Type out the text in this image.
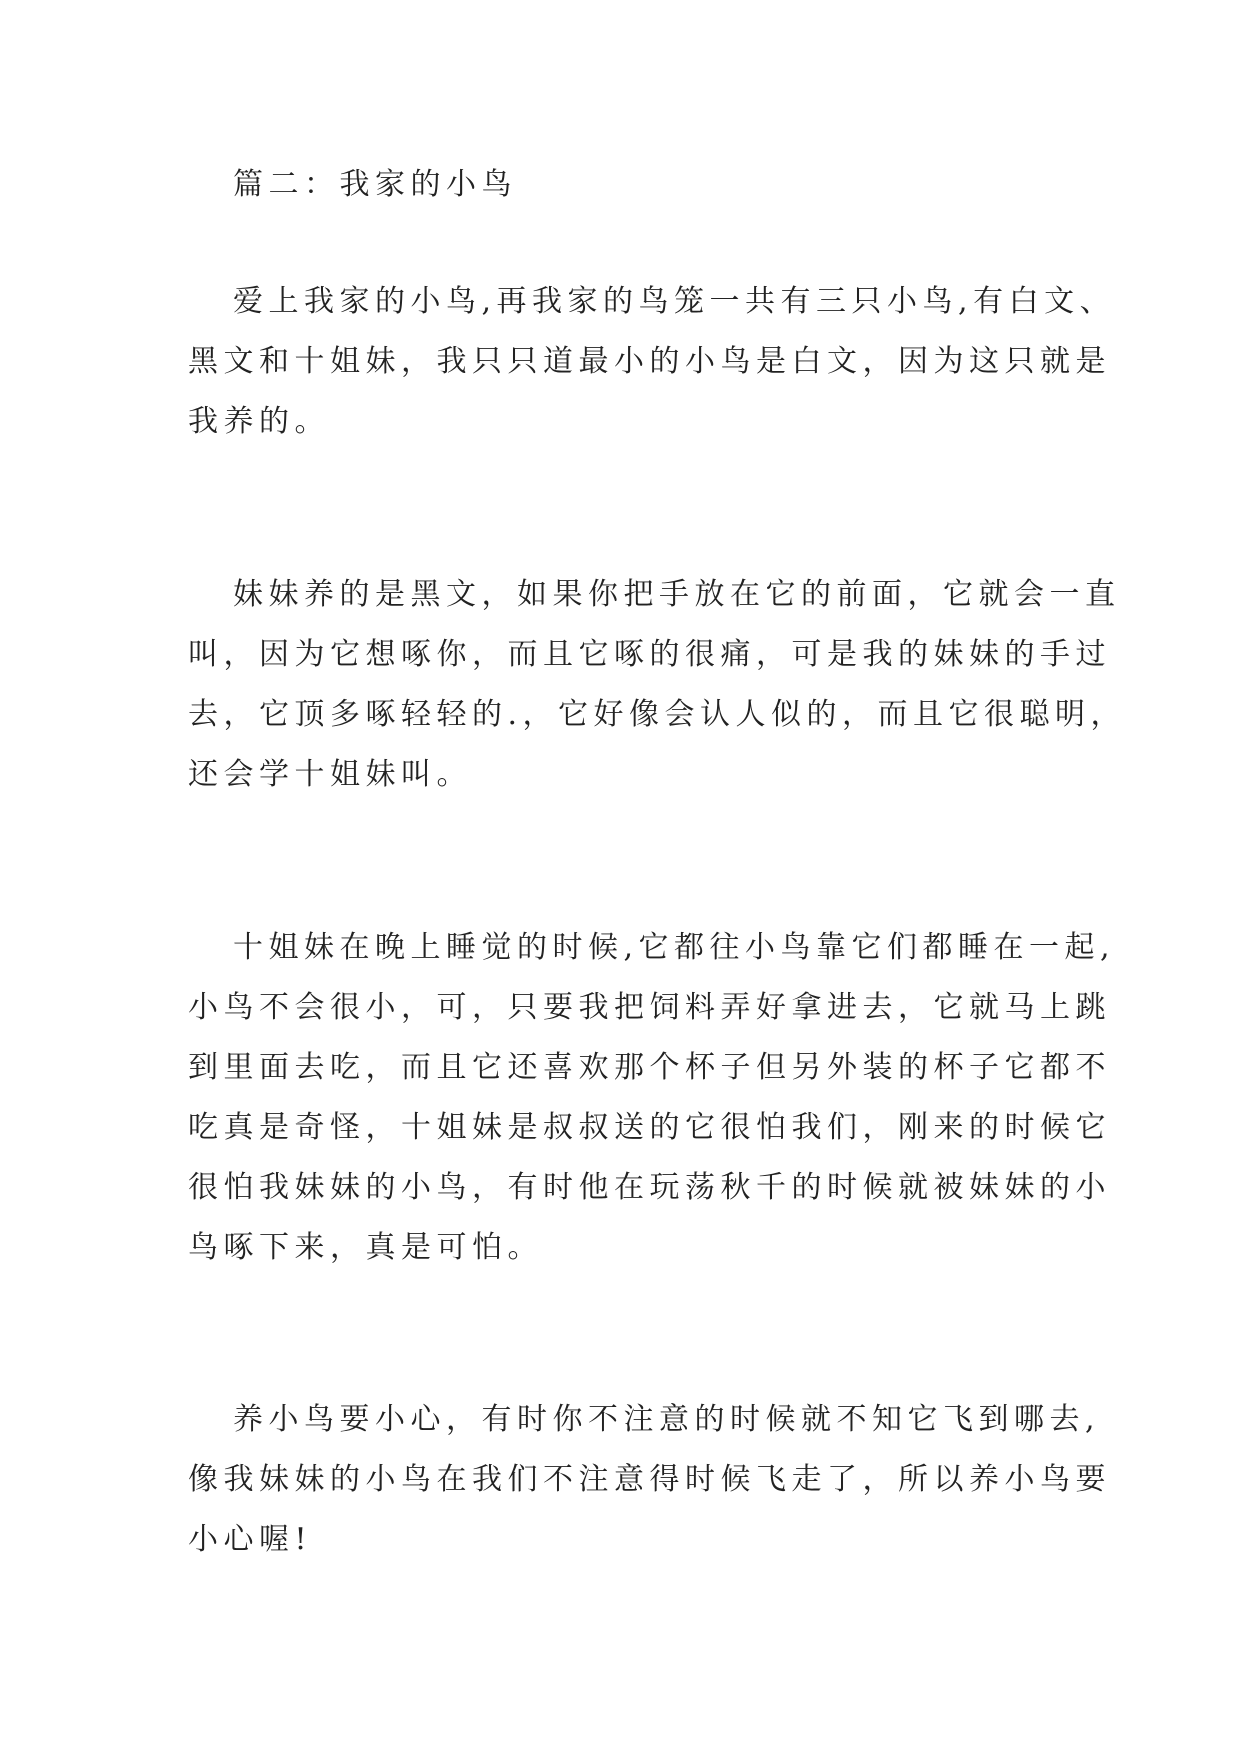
篇二：我家的小鸟
爱上我家的小鸟,再我家的鸟笼一共有三只小鸟,有白文、
黑文和十姐妹，我只只道最小的小鸟是白文，因为这只就是
我养的。
妹妹养的是黑文，如果你把手放在它的前面，它就会一直
叫，因为它想啄你，而且它啄的很痛，可是我的妹妹的手过
去，它顶多啄轻轻的.，它好像会认人似的，而且它很聪明，
还会学十姐妹叫。
十姐妹在晚上睡觉的时候,它都往小鸟靠它们都睡在一起,
小鸟不会很小，可，只要我把饲料弄好拿进去，它就马上跳
到里面去吃，而且它还喜欢那个杯子但另外装的杯子它都不
吃真是奇怪，十姐妹是叔叔送的它很怕我们，刚来的时候它
很怕我妹妹的小鸟，有时他在玩荡秋千的时候就被妹妹的小
鸟啄下来，真是可怕。
养小鸟要小心，有时你不注意的时候就不知它飞到哪去,
像我妹妹的小鸟在我们不注意得时候飞走了，所以养小鸟要
小心喔!
